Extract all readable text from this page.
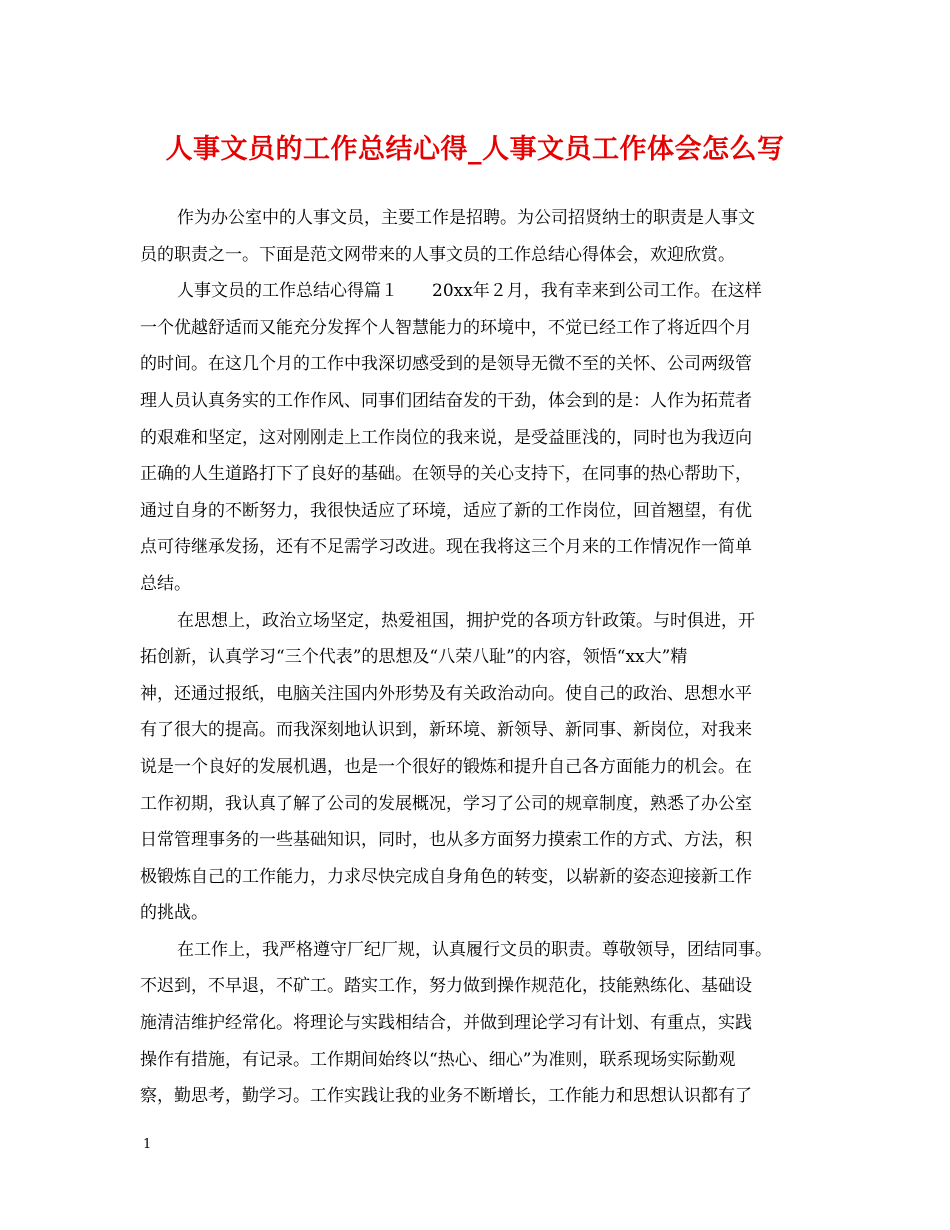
人事文员的工作总结心得_人事文员工作体会怎么写
作为办公室中的人事文员，主要工作是招聘。为公司招贤纳士的职责是人事文
员的职责之一。下面是范文网带来的人事文员的工作总结心得体会，欢迎欣赏。
人事文员的工作总结心得篇１　　20xx年２月，我有幸来到公司工作。在这样
一个优越舒适而又能充分发挥个人智慧能力的环境中，不觉已经工作了将近四个月
的时间。在这几个月的工作中我深切感受到的是领导无微不至的关怀、公司两级管
理人员认真务实的工作作风、同事们团结奋发的干劲，体会到的是：人作为拓荒者
的艰难和坚定，这对刚刚走上工作岗位的我来说，是受益匪浅的，同时也为我迈向
正确的人生道路打下了良好的基础。在领导的关心支持下，在同事的热心帮助下，
通过自身的不断努力，我很快适应了环境，适应了新的工作岗位，回首翘望，有优
点可待继承发扬，还有不足需学习改进。现在我将这三个月来的工作情况作一简单
总结。
在思想上，政治立场坚定，热爱祖国，拥护党的各项方针政策。与时俱进，开
拓创新，认真学习“三个代表”的思想及“八荣八耻”的内容，领悟“xx大”精
神，还通过报纸，电脑关注国内外形势及有关政治动向。使自己的政治、思想水平
有了很大的提高。而我深刻地认识到，新环境、新领导、新同事、新岗位，对我来
说是一个良好的发展机遇，也是一个很好的锻炼和提升自己各方面能力的机会。在
工作初期，我认真了解了公司的发展概况，学习了公司的规章制度，熟悉了办公室
日常管理事务的一些基础知识，同时，也从多方面努力摸索工作的方式、方法，积
极锻炼自己的工作能力，力求尽快完成自身角色的转变，以崭新的姿态迎接新工作
的挑战。
在工作上，我严格遵守厂纪厂规，认真履行文员的职责。尊敬领导，团结同事。
不迟到，不早退，不矿工。踏实工作，努力做到操作规范化，技能熟练化、基础设
施清洁维护经常化。将理论与实践相结合，并做到理论学习有计划、有重点，实践
操作有措施，有记录。工作期间始终以“热心、细心”为准则，联系现场实际勤观
察，勤思考，勤学习。工作实践让我的业务不断增长，工作能力和思想认识都有了
1
